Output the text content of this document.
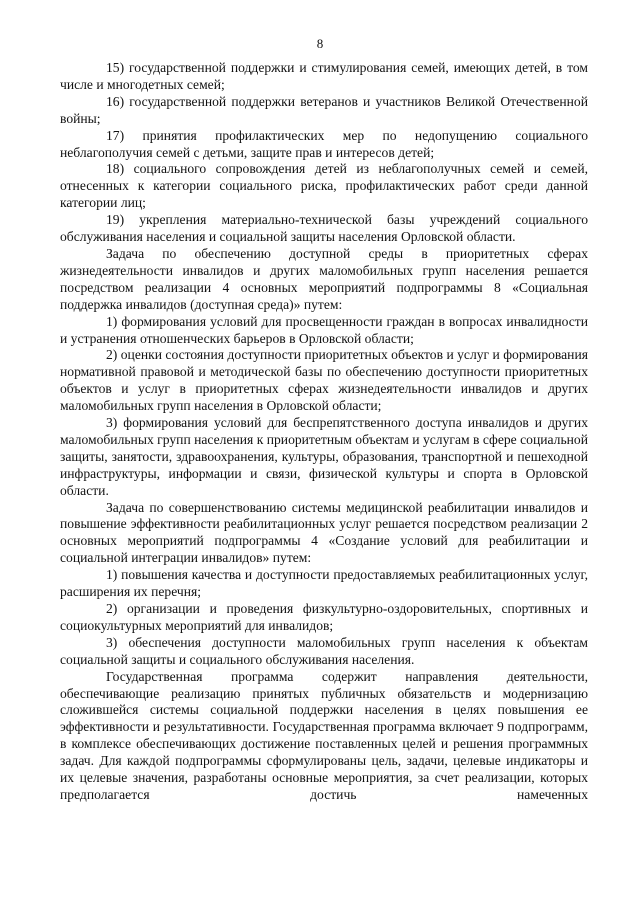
8

15) государственной поддержки и стимулирования семей, имеющих детей, в том числе и многодетных семей;

16) государственной поддержки ветеранов и участников Великой Отечественной войны;

17) принятия профилактических мер по недопущению социального неблагополучия семей с детьми, защите прав и интересов детей;

18) социального сопровождения детей из неблагополучных семей и семей, отнесенных к категории социального риска, профилактических работ среди данной категории лиц;

19) укрепления материально-технической базы учреждений социального обслуживания населения и социальной защиты населения Орловской области.

Задача по обеспечению доступной среды в приоритетных сферах жизнедеятельности инвалидов и других маломобильных групп населения решается посредством реализации 4 основных мероприятий подпрограммы 8 «Социальная поддержка инвалидов (доступная среда)» путем:

1) формирования условий для просвещенности граждан в вопросах инвалидности и устранения отношенческих барьеров в Орловской области;

2) оценки состояния доступности приоритетных объектов и услуг и формирования нормативной правовой и методической базы по обеспечению доступности приоритетных объектов и услуг в приоритетных сферах жизнедеятельности инвалидов и других маломобильных групп населения в Орловской области;

3) формирования условий для беспрепятственного доступа инвалидов и других маломобильных групп населения к приоритетным объектам и услугам в сфере социальной защиты, занятости, здравоохранения, культуры, образования, транспортной и пешеходной инфраструктуры, информации и связи, физической культуры и спорта в Орловской области.

Задача по совершенствованию системы медицинской реабилитации инвалидов и повышение эффективности реабилитационных услуг решается посредством реализации 2 основных мероприятий подпрограммы 4 «Создание условий для реабилитации и социальной интеграции инвалидов» путем:

1) повышения качества и доступности предоставляемых реабилитационных услуг, расширения их перечня;

2) организации и проведения физкультурно-оздоровительных, спортивных и социокультурных мероприятий для инвалидов;

3) обеспечения доступности маломобильных групп населения к объектам социальной защиты и социального обслуживания населения.

Государственная программа содержит направления деятельности, обеспечивающие реализацию принятых публичных обязательств и модернизацию сложившейся системы социальной поддержки населения в целях повышения ее эффективности и результативности. Государственная программа включает 9 подпрограмм, в комплексе обеспечивающих достижение поставленных целей и решения программных задач. Для каждой подпрограммы сформулированы цель, задачи, целевые индикаторы и их целевые значения, разработаны основные мероприятия, за счет реализации, которых предполагается достичь намеченных
